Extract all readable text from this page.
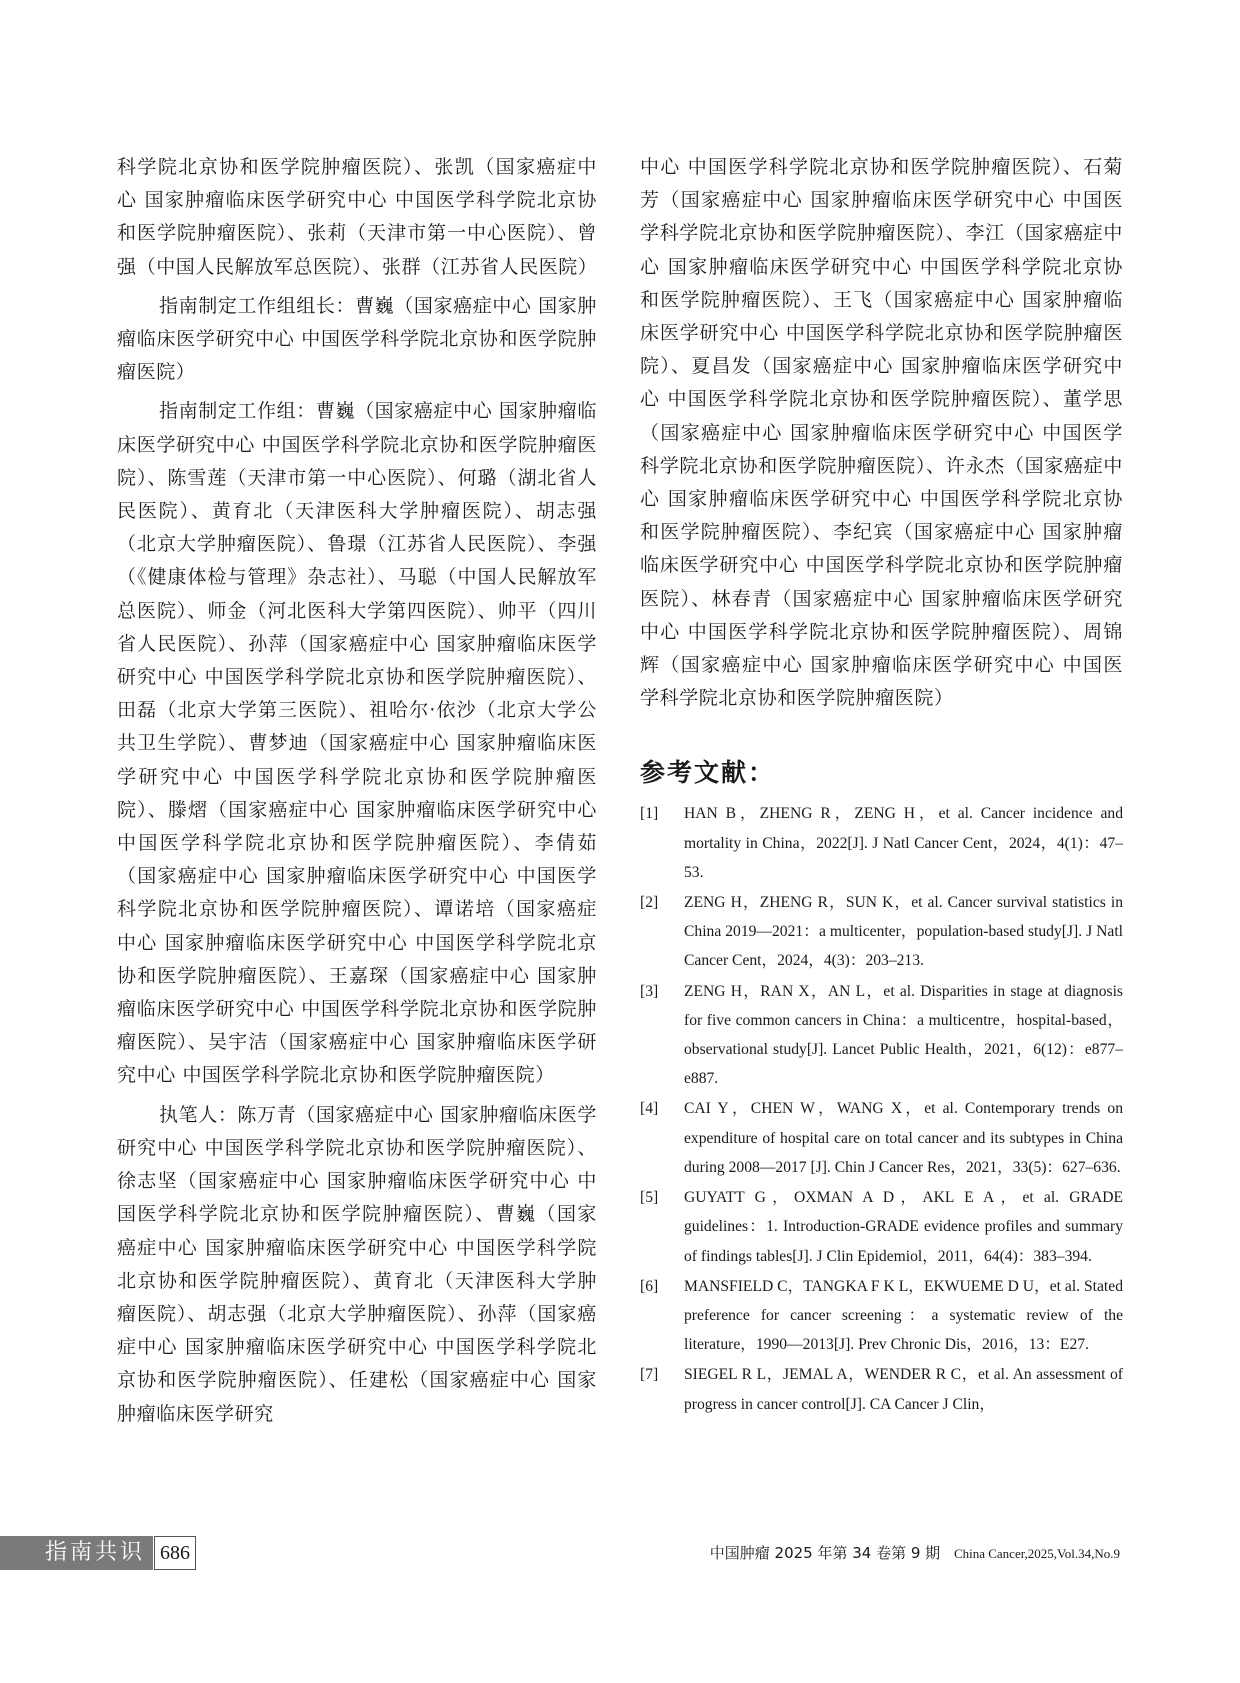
科学院北京协和医学院肿瘤医院）、张凯（国家癌症中心 国家肿瘤临床医学研究中心 中国医学科学院北京协和医学院肿瘤医院）、张莉（天津市第一中心医院）、曾强（中国人民解放军总医院）、张群（江苏省人民医院）

指南制定工作组组长：曹巍（国家癌症中心 国家肿瘤临床医学研究中心 中国医学科学院北京协和医学院肿瘤医院）

指南制定工作组：曹巍（国家癌症中心 国家肿瘤临床医学研究中心 中国医学科学院北京协和医学院肿瘤医院）、陈雪莲（天津市第一中心医院）、何璐（湖北省人民医院）、黄育北（天津医科大学肿瘤医院）、胡志强（北京大学肿瘤医院）、鲁璟（江苏省人民医院）、李强（《健康体检与管理》杂志社）、马聪（中国人民解放军总医院）、师金（河北医科大学第四医院）、帅平（四川省人民医院）、孙萍（国家癌症中心 国家肿瘤临床医学研究中心 中国医学科学院北京协和医学院肿瘤医院）、田磊（北京大学第三医院）、祖哈尔·依沙（北京大学公共卫生学院）、曹梦迪（国家癌症中心 国家肿瘤临床医学研究中心 中国医学科学院北京协和医学院肿瘤医院）、滕熠（国家癌症中心 国家肿瘤临床医学研究中心 中国医学科学院北京协和医学院肿瘤医院）、李倩茹（国家癌症中心 国家肿瘤临床医学研究中心 中国医学科学院北京协和医学院肿瘤医院）、谭诺培（国家癌症中心 国家肿瘤临床医学研究中心 中国医学科学院北京协和医学院肿瘤医院）、王嘉琛（国家癌症中心 国家肿瘤临床医学研究中心 中国医学科学院北京协和医学院肿瘤医院）、吴宇洁（国家癌症中心 国家肿瘤临床医学研究中心 中国医学科学院北京协和医学院肿瘤医院）

执笔人：陈万青（国家癌症中心 国家肿瘤临床医学研究中心 中国医学科学院北京协和医学院肿瘤医院）、徐志坚（国家癌症中心 国家肿瘤临床医学研究中心 中国医学科学院北京协和医学院肿瘤医院）、曹巍（国家癌症中心 国家肿瘤临床医学研究中心 中国医学科学院北京协和医学院肿瘤医院）、黄育北（天津医科大学肿瘤医院）、胡志强（北京大学肿瘤医院）、孙萍（国家癌症中心 国家肿瘤临床医学研究中心 中国医学科学院北京协和医学院肿瘤医院）、任建松（国家癌症中心 国家肿瘤临床医学研究

中心 中国医学科学院北京协和医学院肿瘤医院）、石菊芳（国家癌症中心 国家肿瘤临床医学研究中心 中国医学科学院北京协和医学院肿瘤医院）、李江（国家癌症中心 国家肿瘤临床医学研究中心 中国医学科学院北京协和医学院肿瘤医院）、王飞（国家癌症中心 国家肿瘤临床医学研究中心 中国医学科学院北京协和医学院肿瘤医院）、夏昌发（国家癌症中心 国家肿瘤临床医学研究中心 中国医学科学院北京协和医学院肿瘤医院）、董学思（国家癌症中心 国家肿瘤临床医学研究中心 中国医学科学院北京协和医学院肿瘤医院）、许永杰（国家癌症中心 国家肿瘤临床医学研究中心 中国医学科学院北京协和医学院肿瘤医院）、李纪宾（国家癌症中心 国家肿瘤临床医学研究中心 中国医学科学院北京协和医学院肿瘤医院）、林春青（国家癌症中心 国家肿瘤临床医学研究中心 中国医学科学院北京协和医学院肿瘤医院）、周锦辉（国家癌症中心 国家肿瘤临床医学研究中心 中国医学科学院北京协和医学院肿瘤医院）

参考文献：
[1]	HAN B，ZHENG R，ZENG H，et al. Cancer incidence and mortality in China，2022[J]. J Natl Cancer Cent，2024，4(1)：47–53.
[2]	ZENG H，ZHENG R，SUN K，et al. Cancer survival statistics in China 2019—2021：a multicenter，population-based study[J]. J Natl Cancer Cent，2024，4(3)：203–213.
[3]	ZENG H，RAN X，AN L，et al. Disparities in stage at diagnosis for five common cancers in China：a multicentre，hospital-based，observational study[J]. Lancet Public Health，2021，6(12)：e877–e887.
[4]	CAI Y，CHEN W，WANG X，et al. Contemporary trends on expenditure of hospital care on total cancer and its subtypes in China during 2008—2017 [J]. Chin J Cancer Res，2021，33(5)：627–636.
[5]	GUYATT G，OXMAN A D，AKL E A，et al. GRADE guidelines：1. Introduction-GRADE evidence profiles and summary of findings tables[J]. J Clin Epidemiol，2011，64(4)：383–394.
[6]	MANSFIELD C，TANGKA F K L，EKWUEME D U，et al. Stated preference for cancer screening：a systematic review of the literature，1990—2013[J]. Prev Chronic Dis，2016，13：E27.
[7]	SIEGEL R L，JEMAL A，WENDER R C，et al. An assessment of progress in cancer control[J]. CA Cancer J Clin，
指南共识 686	中国肿瘤 2025 年第 34 卷第 9 期 China Cancer,2025,Vol.34,No.9
